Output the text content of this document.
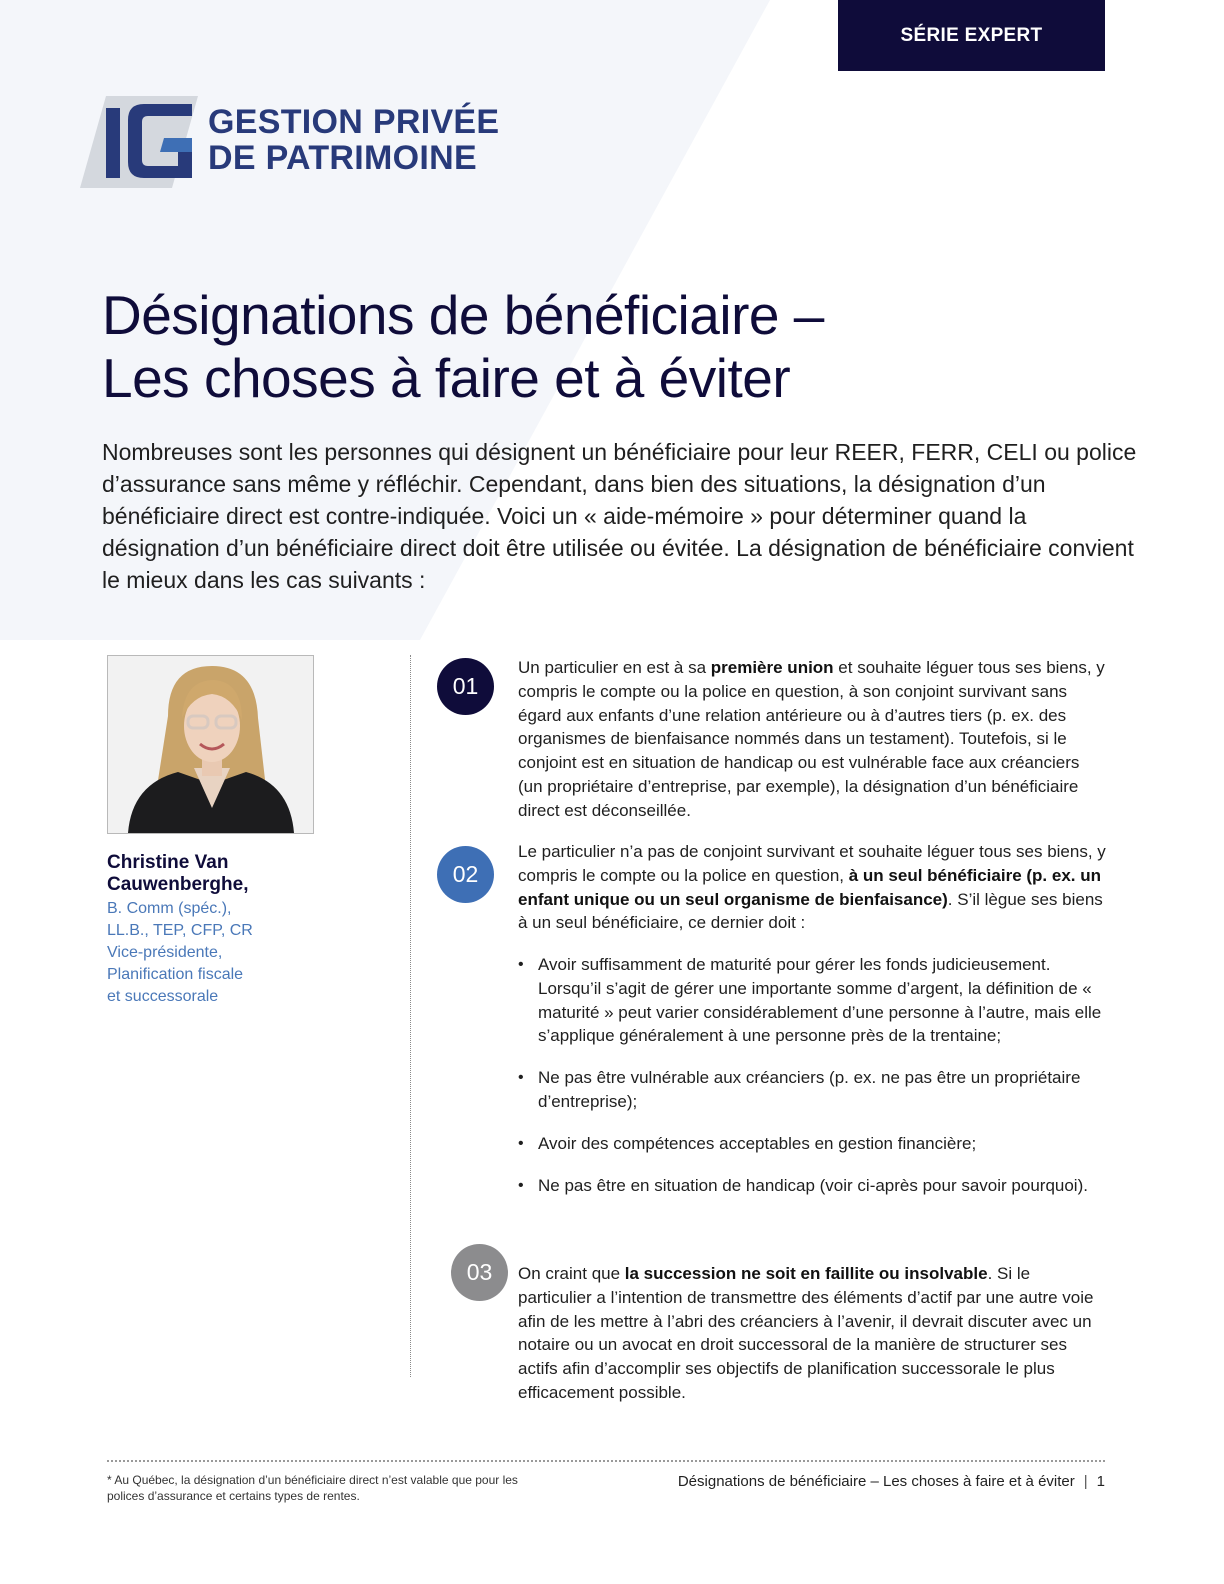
SÉRIE EXPERT
GESTION PRIVÉE
DE PATRIMOINE
Désignations de bénéficiaire –
Les choses à faire et à éviter

Nombreuses sont les personnes qui désignent un bénéficiaire pour leur REER, FERR, CELI ou police d’assurance sans même y réfléchir. Cependant, dans bien des situations, la désignation d’un bénéficiaire direct est contre-indiquée. Voici un « aide-mémoire » pour déterminer quand la désignation d’un bénéficiaire direct doit être utilisée ou évitée. La désignation de bénéficiaire convient le mieux dans les cas suivants :

Christine Van
Cauwenberghe,
B. Comm (spéc.),
LL.B., TEP, CFP, CR
Vice-présidente,
Planification fiscale
et successorale
01

Un particulier en est à sa première union et souhaite léguer tous ses biens, y compris le compte ou la police en question, à son conjoint survivant sans égard aux enfants d’une relation antérieure ou à d’autres tiers (p. ex. des organismes de bienfaisance nommés dans un testament). Toutefois, si le conjoint est en situation de handicap ou est vulnérable face aux créanciers (un propriétaire d’entreprise, par exemple), la désignation d’un bénéficiaire direct est déconseillée.

02

Le particulier n’a pas de conjoint survivant et souhaite léguer tous ses biens, y compris le compte ou la police en question, à un seul bénéficiaire (p. ex. un enfant unique ou un seul organisme de bienfaisance). S’il lègue ses biens à un seul bénéficiaire, ce dernier doit :

• Avoir suffisamment de maturité pour gérer les fonds judicieusement. Lorsqu’il s’agit de gérer une importante somme d’argent, la définition de « maturité » peut varier considérablement d’une personne à l’autre, mais elle s’applique généralement à une personne près de la trentaine;
• Ne pas être vulnérable aux créanciers (p. ex. ne pas être un propriétaire d’entreprise);
• Avoir des compétences acceptables en gestion financière;
• Ne pas être en situation de handicap (voir ci-après pour savoir pourquoi).
03	On craint que la succession ne soit en faillite ou insolvable. Si le particulier a l’intention de transmettre des éléments d’actif par une autre voie afin de les mettre à l’abri des créanciers à l’avenir, il devrait discuter avec un notaire ou un avocat en droit successoral de la manière de structurer ses actifs afin d’accomplir ses objectifs de planification successorale le plus efficacement possible.

* Au Québec, la désignation d’un bénéficiaire direct n’est valable que pour les polices d’assurance et certains types de rentes.

Désignations de bénéficiaire – Les choses à faire et à éviter | 1
